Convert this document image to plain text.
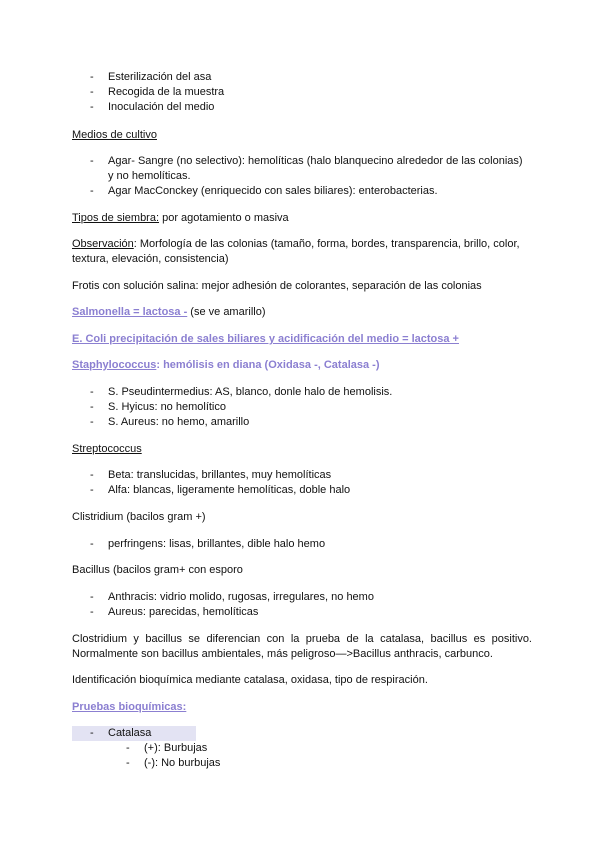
- Esterilización del asa
- Recogida de la muestra
- Inoculación del medio
Medios de cultivo
- Agar- Sangre (no selectivo): hemolíticas (halo blanquecino alrededor de las colonias) y no hemolíticas.
- Agar MacConckey (enriquecido con sales biliares): enterobacterias.
Tipos de siembra: por agotamiento o masiva
Observación: Morfología de las colonias (tamaño, forma, bordes, transparencia, brillo, color, textura, elevación, consistencia)
Frotis con solución salina: mejor adhesión de colorantes, separación de las colonias
Salmonella = lactosa - (se ve amarillo)
E. Coli precipitación de sales biliares y acidificación del medio = lactosa +
Staphylococcus: hemólisis en diana (Oxidasa -, Catalasa -)
- S. Pseudintermedius: AS, blanco, donle halo de hemolisis.
- S. Hyicus: no hemolítico
- S. Aureus: no hemo, amarillo
Streptococcus
- Beta: translucidas, brillantes, muy hemolíticas
- Alfa: blancas, ligeramente hemolíticas, doble halo
Clistridium (bacilos gram +)
- perfringens: lisas, brillantes, dible halo hemo
Bacillus (bacilos gram+ con esporo
- Anthracis: vidrio molido, rugosas, irregulares, no hemo
- Aureus: parecidas, hemolíticas
Clostridium y bacillus se diferencian con la prueba de la catalasa, bacillus es positivo. Normalmente son bacillus ambientales, más peligroso—>Bacillus anthracis, carbunco.
Identificación bioquímica mediante catalasa, oxidasa, tipo de respiración.
Pruebas bioquímicas:
- Catalasa
- (+): Burbujas
- (-): No burbujas
